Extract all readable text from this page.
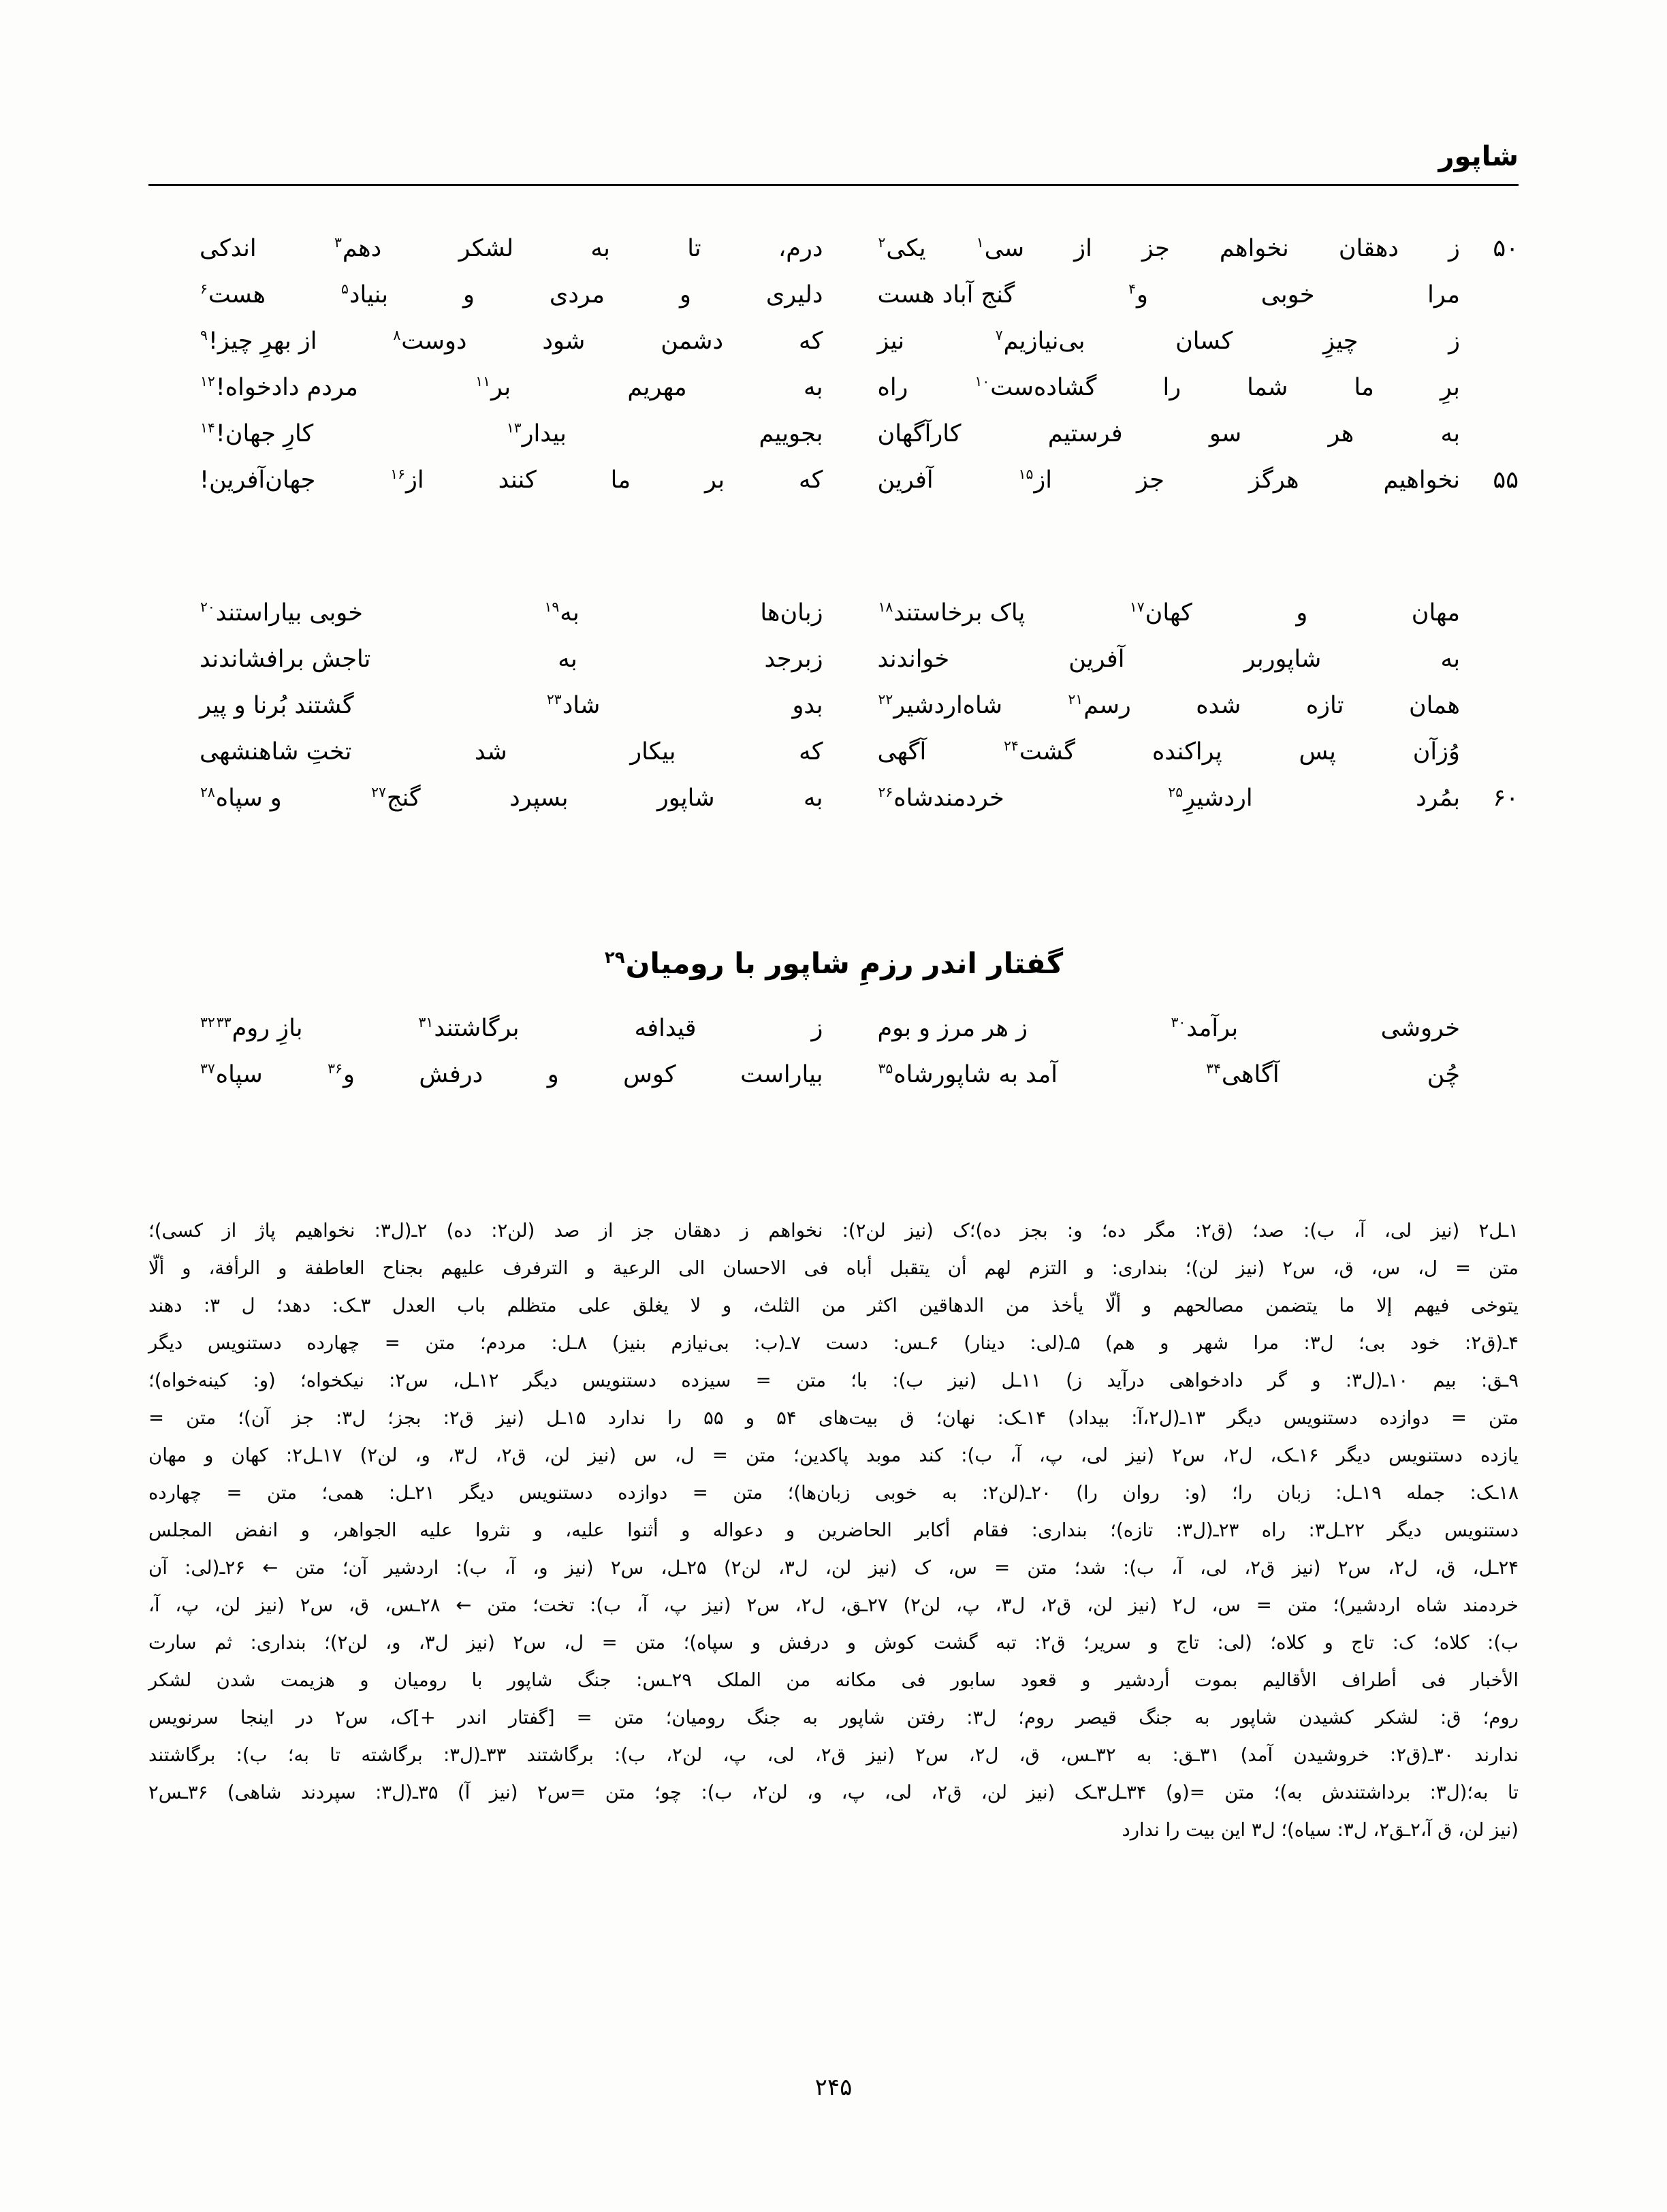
شاپور
۵۰
ز دهقان نخواهم جز از سی$^۱$ یکی$^۲$
درم، تا به لشکر دهم$^۳$ اندکی
مرا خوبی و$^۴$ گنج آباد هست
دلیری و مردی و بنیاد$^۵$ هست$^۶$
ز چیزِ کسان بی‌نیازیم$^۷$ نیز
که دشمن شود دوست$^۸$ از بهرِ چیز!$^۹$
برِ ما شما را گشاده‌ست$^{۱۰}$ راه
به مهریم بر$^{۱۱}$ مردم دادخواه!$^{۱۲}$
به هر سو فرستیم کارآگهان
بجوییم بیدار$^{۱۳}$ کارِ جهان!$^{۱۴}$
۵۵
نخواهیم هرگز جز از$^{۱۵}$ آفرین
که بر ما کنند از$^{۱۶}$ جهان‌آفرین!
مهان و کهان$^{۱۷}$ پاک برخاستند$^{۱۸}$
زبان‌ها به$^{۱۹}$ خوبی بیاراستند$^{۲۰}$
به شاپوربر آفرین خواندند
زبرجد به تاجش برافشاندند
همان تازه شده رسم$^{۲۱}$ شاه‌اردشیر$^{۲۲}$
بدو شاد$^{۲۳}$ گشتند بُرنا و پیر
وُزآن پس پراکنده گشت$^{۲۴}$ آگهی
که بیکار شد تختِ شاهنشهی
۶۰
بمُرد اردشیرِ$^{۲۵}$ خردمندشاه$^{۲۶}$
به شاپور بسپرد گنج$^{۲۷}$ و سپاه$^{۲۸}$
گفتار اندر رزمِ شاپور با رومیان$^{۲۹}$
خروشی برآمد$^{۳۰}$ ز هر مرز و بوم
ز قیدافه برگاشتند$^{۳۱}$ بازِ روم$^{۳۲۳۳}$
چُن آگاهی$^{۳۴}$ آمد به شاپورشاه$^{۳۵}$
بیاراست کوس و درفش و$^{۳۶}$ سپاه$^{۳۷}$

۱ـل۲ (نیز لی، آ، ب): صد؛ (ق۲: مگر ده؛ و: بجز ده)؛ک (نیز لن۲): نخواهم ز دهقان جز از صد (لن۲: ده) ۲ـ(ل۳: نخواهیم پاژ از کسی)؛

متن = ل، س، ق، س۲ (نیز لن)؛ بنداری: و التزم لهم أن یتقبل أباه فی الاحسان الی الرعیة و الترفرف علیهم بجناح العاطفة و الرأفة، و ألّا

یتوخی فیهم إلا ما یتضمن مصالحهم و ألّا یأخذ من الدهاقین اکثر من الثلث، و لا یغلق علی متظلم باب العدل ۳ـک: دهد؛ ل ۳: دهند

۴ـ(ق۲: خود بی؛ ل۳: مرا شهر و هم) ۵ـ(لی: دینار) ۶ـس: دست ۷ـ(ب: بی‌نیازم بنیز) ۸ـل: مردم؛ متن = چهارده دستنویس دیگر

۹ـق: بیم ۱۰ـ(ل۳: و گر دادخواهی درآید ز) ۱۱ـل (نیز ب): با؛ متن = سیزده دستنویس دیگر ۱۲ـل، س۲: نیکخواه؛ (و: کینه‌خواه)؛

متن = دوازده دستنویس دیگر ۱۳ـ(ل۲،آ: بیداد) ۱۴ـک: نهان؛ ق بیت‌های ۵۴ و ۵۵ را ندارد ۱۵ـل (نیز ق۲: بجز؛ ل۳: جز آن)؛ متن =

یازده دستنویس دیگر ۱۶ـک، ل۲، س۲ (نیز لی، پ، آ، ب): کند موبد پاکدین؛ متن = ل، س (نیز لن، ق۲، ل۳، و، لن۲) ۱۷ـل۲: کهان و مهان

۱۸ـک: جمله ۱۹ـل: زبان را؛ (و: روان را) ۲۰ـ(لن۲: به خوبی زبان‌ها)؛ متن = دوازده دستنویس دیگر ۲۱ـل: همی؛ متن = چهارده

دستنویس دیگر ۲۲ـل۳: راه ۲۳ـ(ل۳: تازه)؛ بنداری: فقام أکابر الحاضرین و دعواله و أثنوا علیه، و نثروا علیه الجواهر، و انفض المجلس

۲۴ـل، ق، ل۲، س۲ (نیز ق۲، لی، آ، ب): شد؛ متن = س، ک (نیز لن، ل۳، لن۲) ۲۵ـل، س۲ (نیز و، آ، ب): اردشیر آن؛ متن ← ۲۶ـ(لی: آن

خردمند شاه اردشیر)؛ متن = س، ل۲ (نیز لن، ق۲، ل۳، پ، لن۲) ۲۷ـق، ل۲، س۲ (نیز پ، آ، ب): تخت؛ متن ← ۲۸ـس، ق، س۲ (نیز لن، پ، آ،

ب): کلاه؛ ک: تاج و کلاه؛ (لی: تاج و سریر؛ ق۲: تبه گشت کوش و درفش و سپاه)؛ متن = ل، س۲ (نیز ل۳، و، لن۲)؛ بنداری: ثم سارت

الأخبار فی أطراف الأقالیم بموت أردشیر و قعود سابور فی مکانه من الملک ۲۹ـس: جنگ شاپور با رومیان و هزیمت شدن لشکر

روم؛ ق: لشکر کشیدن شاپور به جنگ قیصر روم؛ ل۳: رفتن شاپور به جنگ رومیان؛ متن = [گفتار اندر +]ک، س۲ در اینجا سرنویس

ندارند ۳۰ـ(ق۲: خروشیدن آمد) ۳۱ـق: به ۳۲ـس، ق، ل۲، س۲ (نیز ق۲، لی، پ، لن۲، ب): برگاشتند ۳۳ـ(ل۳: برگاشته تا به؛ ب): برگاشتند

تا به؛(ل۳: برداشتندش به)؛ متن =(و) ۳۴ـل۳ـک (نیز لن، ق۲، لی، پ، و، لن۲، ب): چو؛ متن =س۲ (نیز آ) ۳۵ـ(ل۳: سپردند شاهی) ۳۶ـس۲

(نیز لن، ق آ،۲ـق۲، ل۳: سیاه)؛ ل۳ این بیت را ندارد

۲۴۵
